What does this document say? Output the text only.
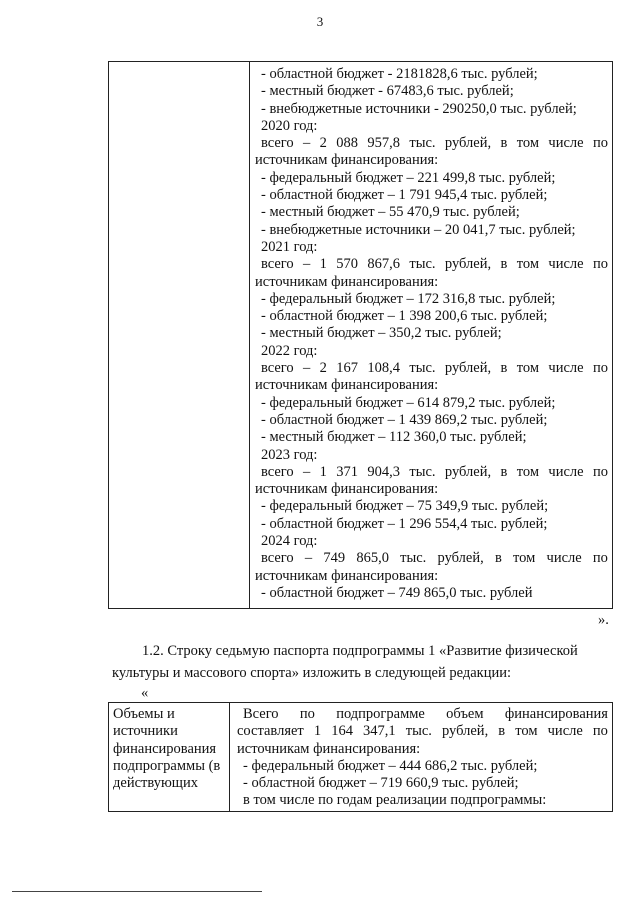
3
- областной бюджет - 2181828,6 тыс. рублей;
- местный бюджет - 67483,6 тыс. рублей;
- внебюджетные источники - 290250,0 тыс. рублей;
2020 год:
всего – 2 088 957,8 тыс. рублей, в том числе по
источникам финансирования:
- федеральный бюджет – 221 499,8 тыс. рублей;
- областной бюджет – 1 791 945,4 тыс. рублей;
- местный бюджет – 55 470,9 тыс. рублей;
- внебюджетные источники – 20 041,7 тыс. рублей;
2021 год:
всего – 1 570 867,6 тыс. рублей, в том числе по
источникам финансирования:
- федеральный бюджет – 172 316,8 тыс. рублей;
- областной бюджет – 1 398 200,6 тыс. рублей;
- местный бюджет – 350,2 тыс. рублей;
2022 год:
всего – 2 167 108,4 тыс. рублей, в том числе по
источникам финансирования:
- федеральный бюджет – 614 879,2 тыс. рублей;
- областной бюджет – 1 439 869,2 тыс. рублей;
- местный бюджет – 112 360,0 тыс. рублей;
2023 год:
всего – 1 371 904,3 тыс. рублей, в том числе по
источникам финансирования:
- федеральный бюджет – 75 349,9 тыс. рублей;
- областной бюджет – 1 296 554,4 тыс. рублей;
2024 год:
всего – 749 865,0 тыс. рублей, в том числе по
источникам финансирования:
- областной бюджет – 749 865,0 тыс. рублей
».
1.2. Строку седьмую паспорта подпрограммы 1 «Развитие физической
культуры и массового спорта» изложить в следующей редакции:
«
Объемы и
источники
финансирования
подпрограммы (в
действующих
Всего по подпрограмме объем финансирования
составляет 1 164 347,1 тыс. рублей, в том числе по
источникам финансирования:
- федеральный бюджет – 444 686,2 тыс. рублей;
- областной бюджет – 719 660,9 тыс. рублей;
в том числе по годам реализации подпрограммы:
